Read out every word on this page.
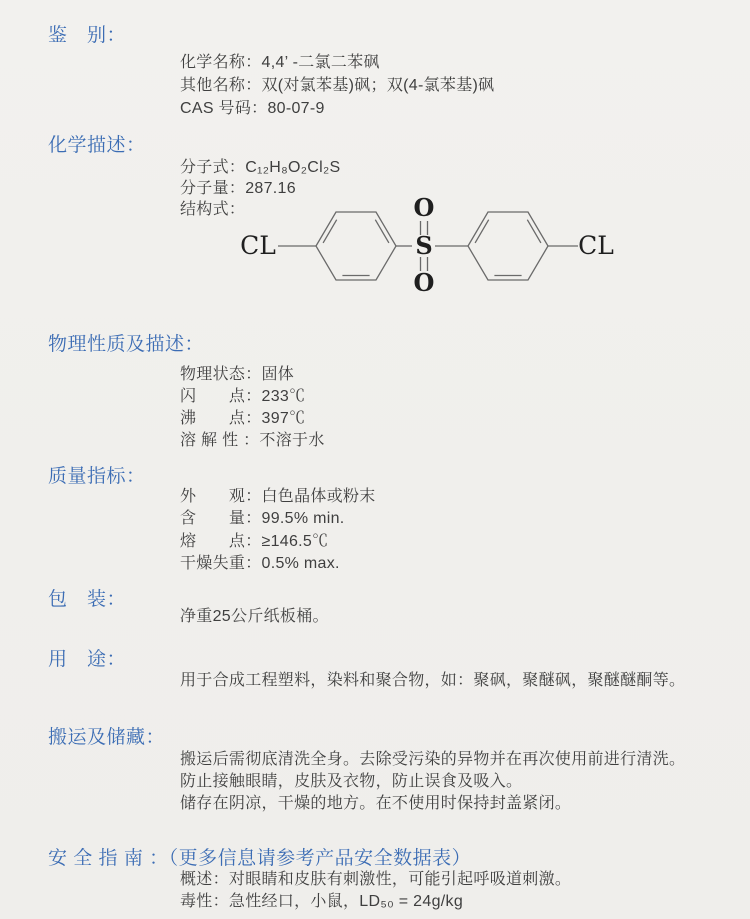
鉴　别：
化学名称：4,4’ -二氯二苯砜
其他名称：双(对氯苯基)砜；双(4-氯苯基)砜
CAS 号码：80-07-9
化学描述：
分子式：C₁₂H₈O₂Cl₂S
分子量：287.16
结构式：
CL	S
O
O
CL
物理性质及描述：
物理状态：固体
闪　　点：233℃
沸　　点：397℃
溶 解 性 ：不溶于水
质量指标：
外　　观：白色晶体或粉末
含　　量：99.5% min.
熔　　点：≥146.5℃
干燥失重：0.5% max.
包　装：
净重25公斤纸板桶。
用　途：
用于合成工程塑料，染料和聚合物，如：聚砜，聚醚砜，聚醚醚酮等。
搬运及储藏：
搬运后需彻底清洗全身。去除受污染的异物并在再次使用前进行清洗。
防止接触眼睛，皮肤及衣物，防止误食及吸入。
储存在阴凉，干燥的地方。在不使用时保持封盖紧闭。
安 全 指 南 ：（更多信息请参考产品安全数据表）
概述：对眼睛和皮肤有刺激性，可能引起呼吸道刺激。
毒性：急性经口，小鼠，LD₅₀ = 24g/kg
